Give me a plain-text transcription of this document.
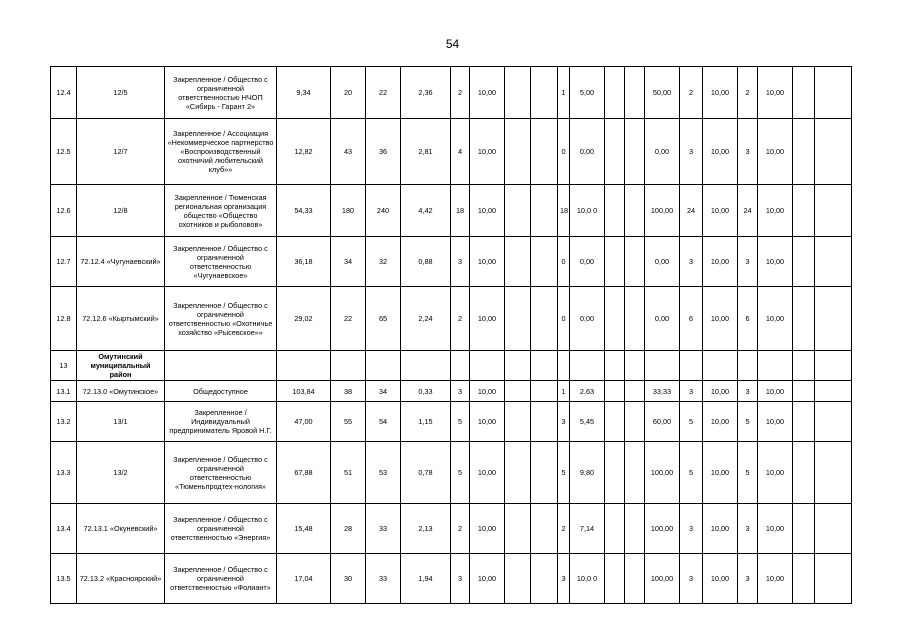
54
12.4	12/5	Закрепленное / Общество с ограниченной ответственностью НЧОП «Сибирь - Гарант 2»	9,34	20	22	2,36	2	10,00			1	5,00			50,00	2	10,00	2	10,00		
12.5	12/7	Закрепленное / Ассоциация «Некоммерческое партнерство «Воспроизводственный охотничий любительский клуб»»	12,82	43	36	2,81	4	10,00			0	0,00			0,00	3	10,00	3	10,00		
12.6	12/8	Закрепленное / Тюменская региональная организация общество «Общество охотников и рыболовов»	54,33	180	240	4,42	18	10,00			18	10,0 0			100,00	24	10,00	24	10,00		
12.7	72.12.4 «Чугунаевский»	Закрепленное / Общество с ограниченной ответственностью «Чугунаевское»	36,18	34	32	0,88	3	10,00			0	0,00			0,00	3	10,00	3	10,00		
12.8	72.12.6 «Кыртымский»	Закрепленное / Общество с ограниченной ответственностью «Охотничье хозяйство «Рысевское»»	29,02	22	65	2,24	2	10,00			0	0,00			0,00	6	10,00	6	10,00		
13	Омутинский муниципальный район																				
13.1	72.13.0 «Омутинское»	Общедоступное	103,84	38	34	0,33	3	10,00			1	2,63			33,33	3	10,00	3	10,00		
13.2	13/1	Закрепленное / Индивидуальный предприниматель Яровой Н.Г.	47,00	55	54	1,15	5	10,00			3	5,45			60,00	5	10,00	5	10,00		
13.3	13/2	Закрепленное / Общество с ограниченной ответственностью «Тюменьпродтех-нология»	67,88	51	53	0,78	5	10,00			5	9,80			100,00	5	10,00	5	10,00		
13.4	72.13.1 «Окуневский»	Закрепленное / Общество с ограниченной ответственностью «Энергия»	15,48	28	33	2,13	2	10,00			2	7,14			100,00	3	10,00	3	10,00		
13.5	72.13.2 «Красноярский»	Закрепленное / Общество с ограниченной ответственностью «Фолиант»	17,04	30	33	1,94	3	10,00			3	10,0 0			100,00	3	10,00	3	10,00		
